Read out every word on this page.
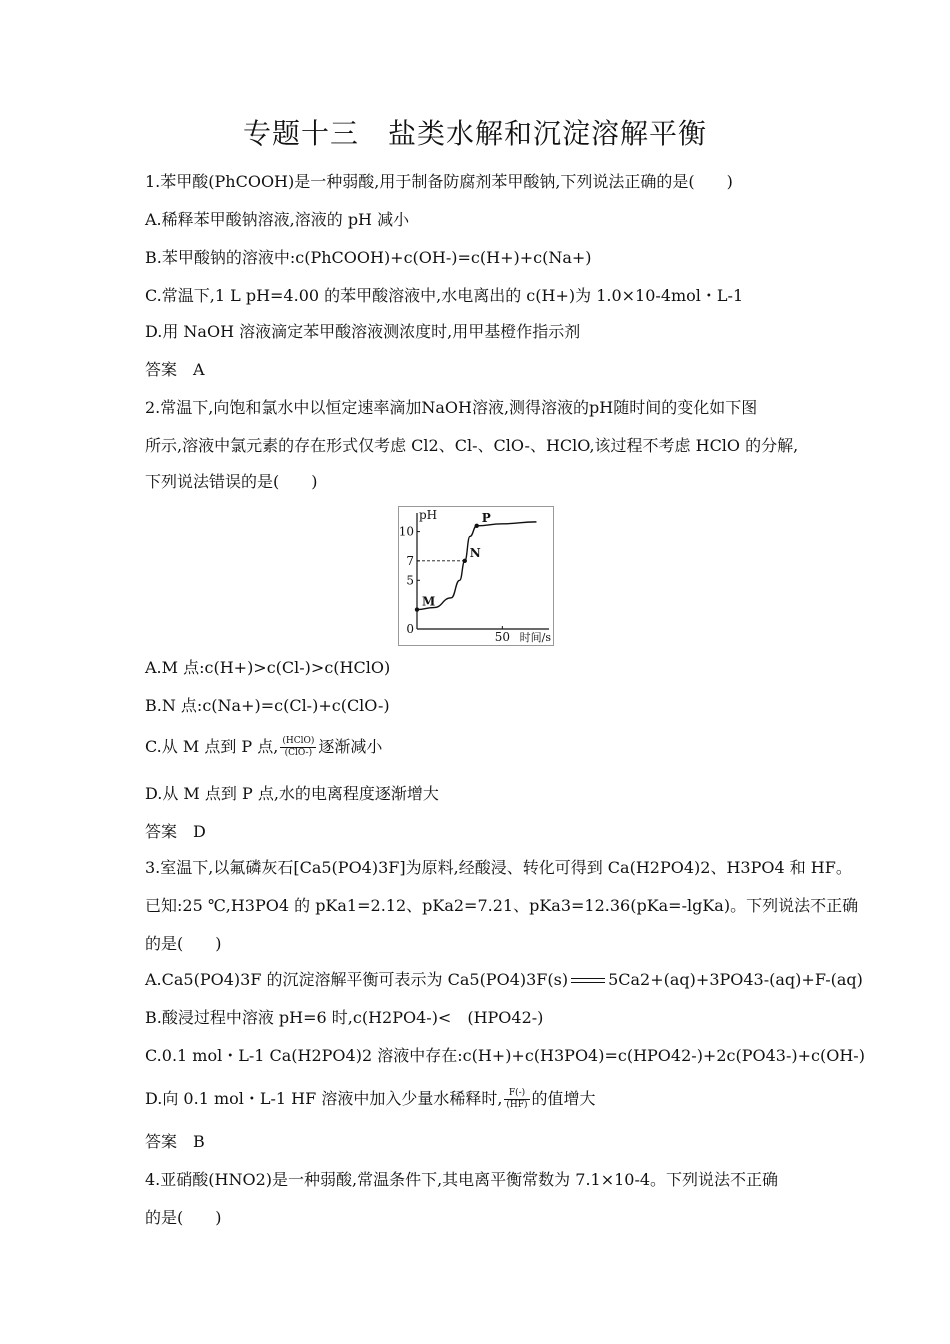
专题十三　盐类水解和沉淀溶解平衡
1.苯甲酸(PhCOOH)是一种弱酸,用于制备防腐剂苯甲酸钠,下列说法正确的是(　　)
A.稀释苯甲酸钠溶液,溶液的 pH 减小
B.苯甲酸钠的溶液中:c(PhCOOH)+c(OH-)=c(H+)+c(Na+)
C.常温下,1 L pH=4.00 的苯甲酸溶液中,水电离出的 c(H+)为 1.0×10-4mol・L-1
D.用 NaOH 溶液滴定苯甲酸溶液测浓度时,用甲基橙作指示剂
答案　A
2.常温下,向饱和氯水中以恒定速率滴加NaOH溶液,测得溶液的pH随时间的变化如下图
所示,溶液中氯元素的存在形式仅考虑 Cl2、Cl-、ClO-、HClO,该过程不考虑 HClO 的分解,
下列说法错误的是(　　)
0
5
7
10
50
pH
时间/s
M
N
P
A.M 点:c(H+)>c(Cl-)>c(HClO)
B.N 点:c(Na+)=c(Cl-)+c(ClO-)
C.从 M 点到 P 点, $\frac{\text{(HClO)}}{\text{(ClO-)}}$ 逐渐减小
D.从 M 点到 P 点,水的电离程度逐渐增大
答案　D
3.室温下,以氟磷灰石[Ca5(PO4)3F]为原料,经酸浸、转化可得到 Ca(H2PO4)2、H3PO4 和 HF。
已知:25 ℃,H3PO4 的 pKa1=2.12、pKa2=7.21、pKa3=12.36(pKa=-lgKa)。下列说法不正确
的是(　　)
A.Ca5(PO4)3F 的沉淀溶解平衡可表示为 Ca5(PO4)3F(s)	5Ca2+(aq)+3PO43-(aq)+F-(aq)
B.酸浸过程中溶液 pH=6 时,c(H2PO4-)<　(HPO42-)
C.0.1 mol・L-1 Ca(H2PO4)2 溶液中存在:c(H+)+c(H3PO4)=c(HPO42-)+2c(PO43-)+c(OH-)
D.向 0.1 mol・L-1 HF 溶液中加入少量水稀释时, $\frac{F(-)}{(HF)}$ 的值增大
答案　B
4.亚硝酸(HNO2)是一种弱酸,常温条件下,其电离平衡常数为 7.1×10-4。下列说法不正确
的是(　　)
